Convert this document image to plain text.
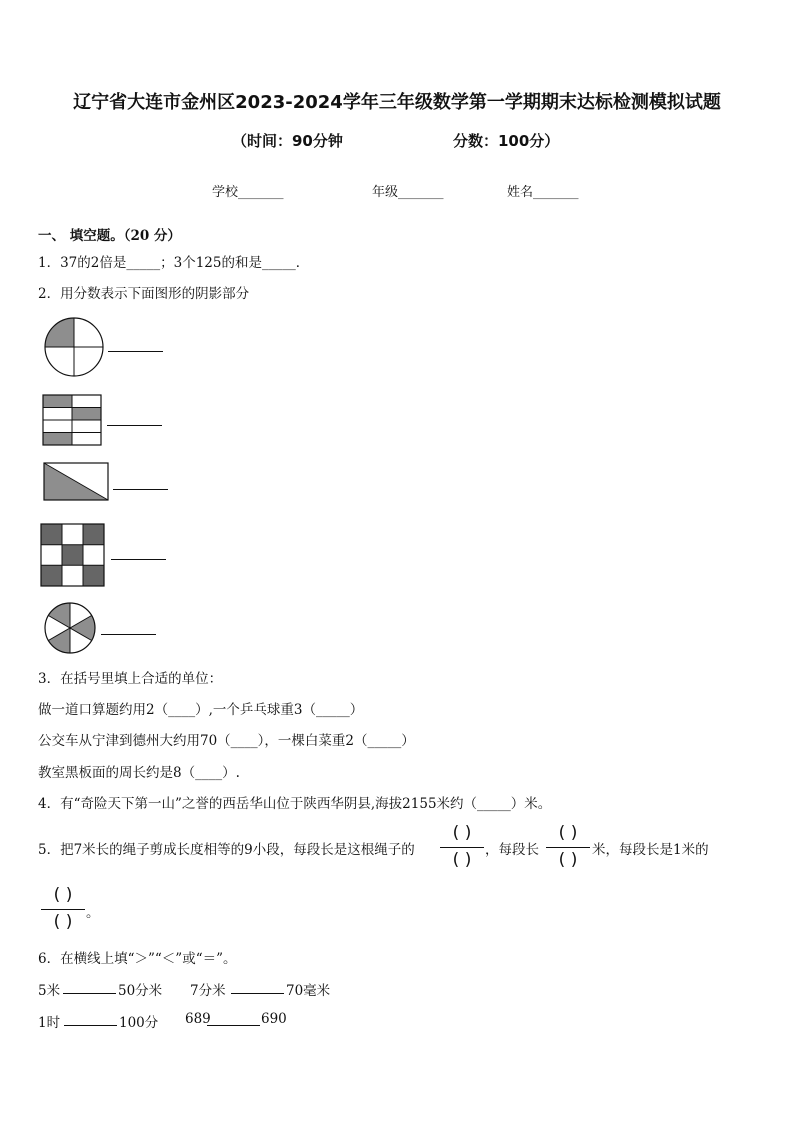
辽宁省大连市金州区2023-2024学年三年级数学第一学期期末达标检测模拟试题
（时间：90分钟	分数：100分）
学校_______	年级_______	姓名_______
一、 填空题。（20 分）
1．37的2倍是_____；3个125的和是_____．
2．用分数表示下面图形的阴影部分
3．在括号里填上合适的单位：
做一道口算题约用2（____）,一个乒乓球重3（_____）
公交车从宁津到德州大约用70（____），一棵白菜重2（_____）
教室黑板面的周长约是8（____）.
4．有“奇险天下第一山”之誉的西岳华山位于陕西华阴县,海拔2155米约（_____）米。
5．把7米长的绳子剪成长度相等的9小段，每段长是这根绳子的
( )
( )	，每段长
( )
( )	米，每段长是1米的
( )
( )	。
6．在横线上填“＞”“＜”或“＝”。
5米	50分米 7分米	70毫米
1时	100分 689	690
